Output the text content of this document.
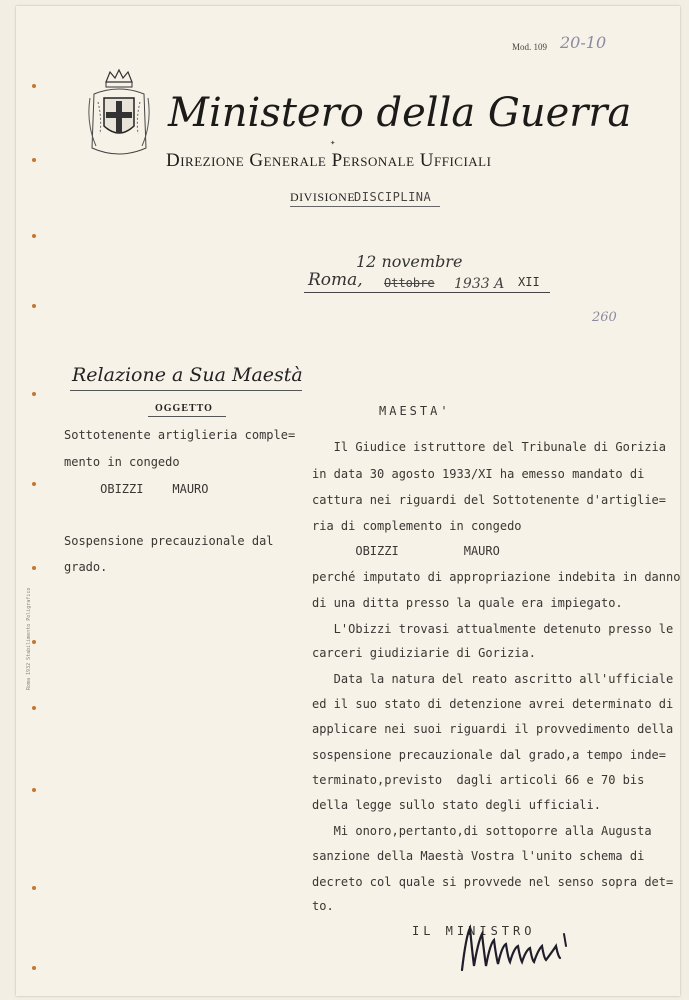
Ministero della Guerra
✦
Direzione Generale Personale Ufficiali
DIVISIONE
DISCIPLINA
Mod. 109 20-10
Roma,
12 novembre
Ottobre 1933 A XII
260
Relazione a Sua Maestà
OGGETTO
Sottotenente artiglieria comple=
mento in congedo
OBIZZI    MAURO
Sospensione precauzionale dal
grado.
MAESTA'
Il Giudice istruttore del Tribunale di Gorizia
in data 30 agosto 1933/XI ha emesso mandato di
cattura nei riguardi del Sottotenente d'artiglie=
ria di complemento in congedo
OBIZZI         MAURO
perché imputato di appropriazione indebita in danno
di una ditta presso la quale era impiegato.
L'Obizzi trovasi attualmente detenuto presso le
carceri giudiziarie di Gorizia.
Data la natura del reato ascritto all'ufficiale
ed il suo stato di detenzione avrei determinato di
applicare nei suoi riguardi il provvedimento della
sospensione precauzionale dal grado,a tempo inde=
terminato,previsto  dagli articoli 66 e 70 bis
della legge sullo stato degli ufficiali.
Mi onoro,pertanto,di sottoporre alla Augusta
sanzione della Maestà Vostra l'unito schema di
decreto col quale si provvede nel senso sopra det=
to.
IL MINISTRO
Roma 1932 Stabilimento Poligrafico
